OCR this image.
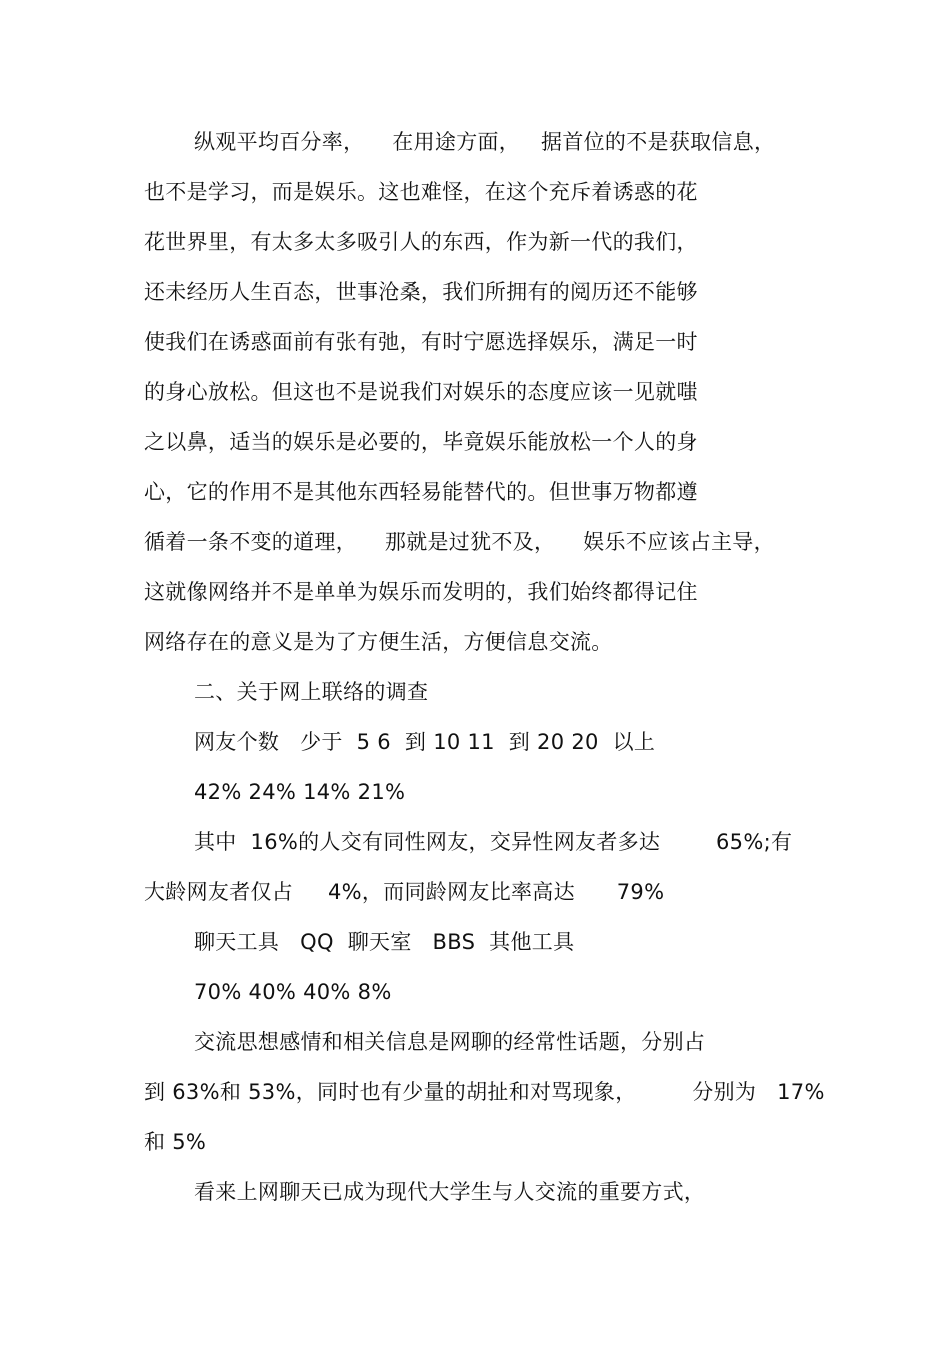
纵观平均百分率，    在用途方面，   据首位的不是获取信息，
也不是学习，而是娱乐。这也难怪，在这个充斥着诱惑的花
花世界里，有太多太多吸引人的东西，作为新一代的我们，
还未经历人生百态，世事沧桑，我们所拥有的阅历还不能够
使我们在诱惑面前有张有弛，有时宁愿选择娱乐，满足一时
的身心放松。但这也不是说我们对娱乐的态度应该一见就嗤
之以鼻，适当的娱乐是必要的，毕竟娱乐能放松一个人的身
心，它的作用不是其他东西轻易能替代的。但世事万物都遵
循着一条不变的道理，    那就是过犹不及，    娱乐不应该占主导，
这就像网络并不是单单为娱乐而发明的，我们始终都得记住
网络存在的意义是为了方便生活，方便信息交流。
二、关于网上联络的调查
网友个数   少于  5 6  到 10 11  到 20 20  以上
42% 24% 14% 21%
其中  16%的人交有同性网友，交异性网友者多达        65%;有
大龄网友者仅占     4%，而同龄网友比率高达      79%
聊天工具   QQ  聊天室   BBS  其他工具
70% 40% 40% 8%
交流思想感情和相关信息是网聊的经常性话题，分别占
到 63%和 53%，同时也有少量的胡扯和对骂现象，        分别为   17%
和 5%
看来上网聊天已成为现代大学生与人交流的重要方式，
